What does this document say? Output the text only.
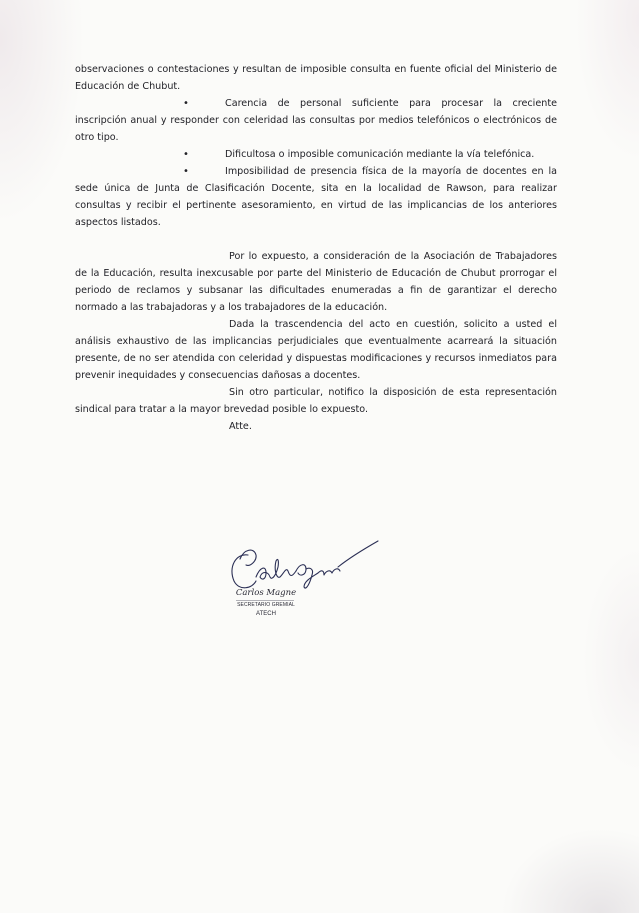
observaciones o contestaciones y resultan de imposible consulta en fuente oficial del Ministerio de Educación de Chubut.

•	Carencia de personal suficiente para procesar la creciente inscripción anual y responder con celeridad las consultas por medios telefónicos o electrónicos de otro tipo.

•	Dificultosa o imposible comunicación mediante la vía telefónica.

•	Imposibilidad de presencia física de la mayoría de docentes en la sede única de Junta de Clasificación Docente, sita en la localidad de Rawson, para realizar consultas y recibir el pertinente asesoramiento, en virtud de las implicancias de los anteriores aspectos listados.

Por lo expuesto, a consideración de la Asociación de Trabajadores de la Educación, resulta inexcusable por parte del Ministerio de Educación de Chubut prorrogar el periodo de reclamos y subsanar las dificultades enumeradas a fin de garantizar el derecho normado a las trabajadoras y a los trabajadores de la educación.

Dada la trascendencia del acto en cuestión, solicito a usted el análisis exhaustivo de las implicancias perjudiciales que eventualmente acarreará la situación presente, de no ser atendida con celeridad y dispuestas modificaciones y recursos inmediatos para prevenir inequidades y consecuencias dañosas a docentes.

Sin otro particular, notifico la disposición de esta representación sindical para tratar a la mayor brevedad posible lo expuesto.

Atte.

Carlos Magne
SECRETARIO GREMIAL
ATECH
